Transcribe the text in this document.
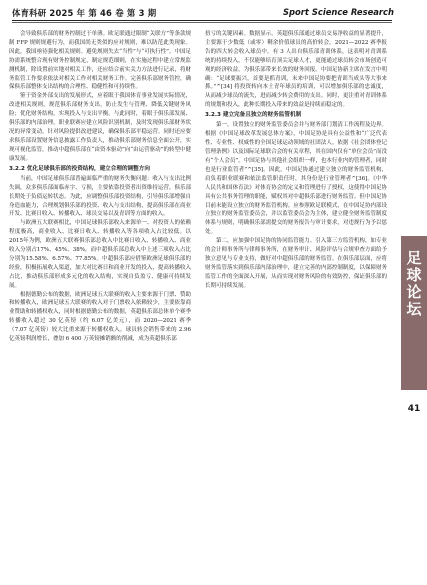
体育科研 2025 年 第 46 卷 第 3 期	Sport Science Research

会导致俱乐部的财务控制过于单薄。欧足联通过限制“关联方”等条款规制 FFP 规则规避行为，而我国尚无类似的应对规则，难以防范此类现象。因此，我国亟待强化相关规则。避免规则失去“当性”与“可执行性”。中国足协需系统整合现有财务控制规定，制定规范细则，在实施过程中建立常规监测机制，除设置前实地对相关工作，还应结合前实关力方法进行记录，将财务监管工作要求依法对相关工作对相关财务工作。完善俱乐部财务管控，确保俱乐部整体支出结构的合理性、稳健性和可持续性。

鉴于资金外部支出的发展形式，应着眼于我国体育事业发展实际情况，改进相关规则，规范俱乐部财务支出，防止发生与管理、降低关键财务风险；优化财务结构，实现投入与支出平衡。与此同时，着眼于俱乐部发展、俱乐部的内部治理，职业联赛应建立风险识别机制，及时发现俱乐部财务状况的异常变动，针对风险提供改进建议，确保俱乐部平稳运营。同时还应要求俱乐部设置财务信息披露工作负责人，推动俱乐部财务信息全面公开，实现可视化监管，推动中超俱乐部在“由资本驱动”向“由运营驱动”的转型中健康发展。

3.2.2 优化足球俱乐部的投资结构，建立合理的调整方向

当前，中国足球俱乐部普遍面临严重的财务失衡问题：收入与支出比例失调，众多俱乐部面临赤字、亏损，主要依靠投资者出资维持运营，俱乐部长期处于负债运转状态。为此，应调整俱乐部投资结构，引导俱乐部增强自身造血能力，合理规划俱乐部的投资、收入与支出结构，提高俱乐部在商业开发、比赛日收入、转播收入、球员交易以及青训等方面的收入。

与欧洲五大联赛相比，中国足球俱乐部收入来源单一、对投资人的依赖程度极高，商业收入、比赛日收入、转播收入等各项收入占比较低。以2015年为例，欧洲五大联赛俱乐部总收入中比赛日收入、转播收入、商业收入分别占17%、45%、38%，而中超俱乐部总收入中上述三项收入占比分别为15.58%、6.57%、77.85%。中超俱乐部应借鉴欧洲足球俱乐部的经验，积极拓展收入渠道，加大对比赛日和商业开发的投入，提高转播收入占比，推动俱乐部形成多元化的收入结构，实现自负盈亏、健康可持续发展。

根据德勤公布的数据，欧洲足球五大联赛的收入主要来源于门票、赞助和转播收入，欧洲足球五大联赛的收入对于门票收入依赖较少，主要依靠商业赞助和转播权收入，同时根据德勤公布的数据，英超俱乐部总体单个赛季转播收入超过 30 亿英镑（约 6.07 亿美元），而 2020—2021 赛季（7.07 亿英镑）较大比重来源于转播权收入。球员转会销售带来的 2.96 亿英镑利润增长，叠加 6 400 万英镑摊销额的削减，成为英超俱乐部

扭亏的关键因素。数据显示，英超俱乐部通过球员交易净收益的显著提升，主要源于少数低（或零）剩余价值球员的高价转会。2021—2022 赛季报告的四大转会收入球员中，有 3 人出自俱乐部青训体系，这表明对青训系统的持续投入，不仅能够培育顶尖足球人才，更能通过球员转会市场创造可观的经济收益。为俱乐部带来长效的财务回报。中国足协新主席在发言中明确：“足球要振兴，首要是抓青训，未来中国足协要把青训当成头等大事来抓。”^[34] 将投资转向本土青年球员的培训，可以增加俱乐部的忠诚度，从而减少球员的流失，进而减少转会费用的支出。同时，更注重对青训体系的规划和投入，此种长期投入带来的效益是持续而稳定的。

3.2.3 建立完备且独立的财务监管机制

第一，设置独立的财务监管委员会并与财务部门划清工作流程及边界。根据《中国足球改革发展总体方案》，中国足协是具有公益性和“广泛代表性、专业性、权威性的全国足球运动领域的社团法人。依据《社会团体登记管理条例》以及国际足球联合会的有关章程，其在国内仅有“单位会员”而没有“个人会员”。中国足协与其他社会组织一样，也本行业内的管理者，同时也是行业监管者”^[35]。因此，中国足协通过建立独立的财务监管机构，肩负着职业联赛和依法监管职责任时，其身份是行业管理者^[36]。《中华人民共和国体育法》对体育协会的定义和管理进行了授权，这使得中国足协具有公共事务管理的职能，赋权其对中超俱乐部进行财务监管。但中国足协目前未能设立独立的财务监管机构。应参照欧足联模式，在中国足协内部设立独立的财务监管委员会，并以监管委员会为主体，建立健全财务监管制度体系与规则，明确俱乐部需提交的财务报告与审计要求，对违规行为予以惩处。

第二，应加强中国足协的协同监管能力。引入第三方监管机构，如专业的会计师事务所与律师事务所，在财务审计、风险评估与合规审查方面给予独立意见与专业支持，做好对中超俱乐部的财务监管。在俱乐部层面，应将财务监管落实到俱乐部内部治理中，建立完善的内部控制制度，以保障财务监管工作的全面深入开展，从而实现对财务风险的有效防控，保证俱乐部的长期可持续发展。

足球论坛
41
